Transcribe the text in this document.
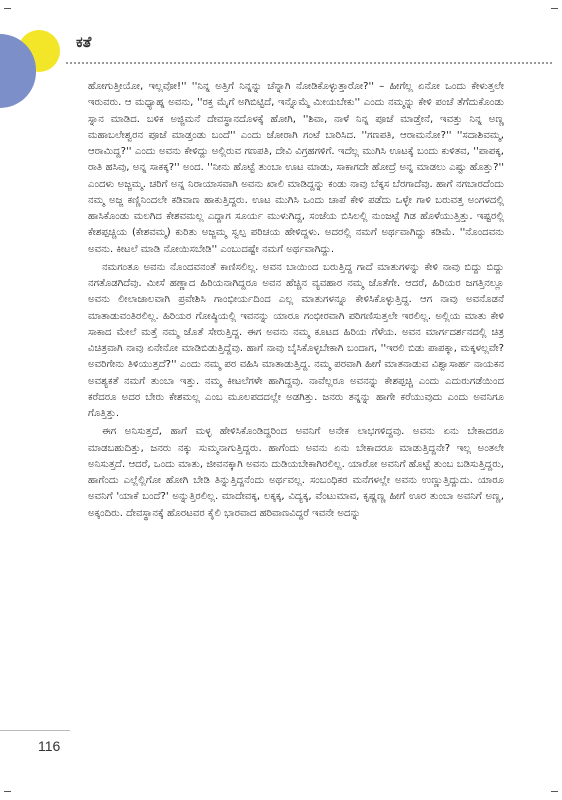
ಕತೆ

ಹೋಗುತ್ತೀಯೋ, ಇಲ್ಲವೋ!'' ''ನಿನ್ನ ಅತ್ತಿಗೆ ನಿನ್ನನ್ನು ಚೆನ್ನಾಗಿ ನೋಡಿಕೊಳ್ಳುತ್ತಾರೋ?'' – ಹೀಗೆಲ್ಲ ಏನೋ ಒಂದು ಕೇಳುತ್ತಲೇ ಇರುವರು. ಆ ಮಧ್ಯಾಹ್ನ ಅವನು, ''ರಕ್ತ ಮೈಗೆ ಅಗಿಬಿಟ್ಟಿದೆ, ಇನ್ನೊಮ್ಮೆ ಮೀಯಬೇಕು'' ಎಂದು ನಮ್ಮನ್ನು ಕೇಳಿ ಪಂಚೆ ತೆಗೆದುಕೊಂಡು ಸ್ನಾನ ಮಾಡಿದ. ಬಳಿಕ ಅಜ್ಜಿಮನೆ ದೇವಸ್ಥಾನದೊಳಕ್ಕೆ ಹೋಗಿ, ''ಶಿವಾ, ನಾಳೆ ನಿನ್ನ ಪೂಜೆ ಮಾಡ್ತೇನೆ, ಇವತ್ತು ನಿನ್ನ ಅಣ್ಣ ಮಹಾಬಲೇಶ್ವರನ ಪೂಜೆ ಮಾಡ್ತಂಡು ಬಂದೆ'' ಎಂದು ಜೋರಾಗಿ ಗಂಟೆ ಬಾರಿಸಿದ. ''ಗಣಪತಿ, ಆರಾಮನೋ?'' ''ಸದಾಶಿವಮ್ಮ, ಆರಾಮಿದ್ದ?'' ಎಂದು ಅವನು ಕೇಳಿದ್ದು ಅಲ್ಲಿರುವ ಗಣಪತಿ, ದೇವಿ ವಿಗ್ರಹಗಳಿಗೆ. ಇದೆಲ್ಲ ಮುಗಿಸಿ ಊಟಕ್ಕೆ ಬಂದು ಕುಳಿತವ, ''ಪಾಪಕ್ಕ, ರಾತಿ ಹಸಿವು, ಅನ್ನ ಸಾಕಕ್ಕ?'' ಅಂದ. ''ನೀನು ಹೊಟ್ಟೆ ತುಂಬಾ ಊಟ ಮಾಡು, ಸಾಕಾಗದೇ ಹೋದ್ರೆ ಅನ್ನ ಮಾಡಲು ಎಷ್ಟು ಹೊತ್ತು?'' ಎಂದಳು ಅಜ್ಜಮ್ಮ. ಚರಿಗೆ ಅನ್ನ ನಿರಾಯಾಸವಾಗಿ ಅವನು ಖಾಲಿ ಮಾಡಿದ್ದನ್ನು ಕಂಡು ನಾವು ಬೆಕ್ಕಸ ಬೆರಗಾದೆವು. ಹಾಗೆ ನಗಬಾರದೆಂದು ನಮ್ಮ ಅಜ್ಜ ಕಣ್ಣಿನಿಂದಲೇ ಕಡಿವಾಣ ಹಾಕುತ್ತಿದ್ದರು. ಊಟ ಮುಗಿಸಿ ಒಂದು ಚಾಪೆ ಕೇಳಿ ಪಡೆದು ಒಳ್ಳೇ ಗಾಳಿ ಬರುವತ್ತ ಅಂಗಳದಲ್ಲಿ ಹಾಸಿಕೊಂಡು ಮಲಗಿದ ಕೇಶವಮಲ್ಲ ಎದ್ದಾಗ ಸೂರ್ಯ ಮುಳುಗಿದ್ದ, ಸಂಜೆಯ ಬಿಸಿಲಲ್ಲಿ ನುಂಜಟ್ಟೆ ಗಿಡ ಹೊಳೆಯುತ್ತಿತ್ತು. ಇಷ್ಟರಲ್ಲಿ ಕೇಶಪ್ಪಚ್ಚಿಯ (ಕೇಶವಮ್ಮ) ಕುರಿತು ಅಜ್ಜಮ್ಮ ಸ್ವಲ್ಪ ಪರಿಚಯ ಹೇಳಿದ್ದಳು. ಅದರಲ್ಲಿ ನಮಗೆ ಅರ್ಥವಾಗಿದ್ದು ಕಡಿಮೆ. ''ನೊಂದವನು ಅವನು. ಕೀಟಲೆ ಮಾಡಿ ನೋಯಿಸಬೇಡಿ'' ಎಂಬುದಷ್ಟೇ ನಮಗೆ ಅರ್ಥವಾಗಿದ್ದು.

ನಮಗಂತೂ ಅವನು ನೊಂದವನಂತೆ ಕಾಣಿಸಲಿಲ್ಲ. ಅವನ ಬಾಯಿಂದ ಬರುತ್ತಿದ್ದ ಗಾದೆ ಮಾತುಗಳನ್ನು ಕೇಳಿ ನಾವು ಬಿದ್ದು ಬಿದ್ದು ನಗತೊಡಗಿದೆವು. ಮೀಸೆ ಹಣ್ಣಾದ ಹಿರಿಯನಾಗಿದ್ದರೂ ಅವನ ಹೆಚ್ಚಿನ ವ್ಯವಹಾರ ನಮ್ಮ ಜೊತೆಗೇ. ಆದರೆ, ಹಿರಿಯರ ಜಗತ್ತಿನಲ್ಲೂ ಅವನು ಲೀಲಾಜಾಲವಾಗಿ ಪ್ರವೇಶಿಸಿ ಗಾಂಭೀರ್ಯದಿಂದ ಎಲ್ಲ ಮಾತುಗಳನ್ನೂ ಕೇಳಿಸಿಕೊಳ್ಳುತ್ತಿದ್ದ. ಆಗ ನಾವು ಅವನೊಡನೆ ಮಾತಾಡುವಂತಿರಲಿಲ್ಲ. ಹಿರಿಯರ ಗೋಷ್ಠಿಯಲ್ಲಿ ಇವನನ್ನು ಯಾರೂ ಗಂಭೀರವಾಗಿ ಪರಿಗಣಿಸುತ್ತಲೇ ಇರಲಿಲ್ಲ. ಅಲ್ಲಿಯ ಮಾತು ಕೇಳಿ ಸಾಕಾದ ಮೇಲೆ ಮತ್ತೆ ನಮ್ಮ ಜೊತೆ ಸೇರುತ್ತಿದ್ದ. ಈಗ ಅವನು ನಮ್ಮ ಕೂಟದ ಹಿರಿಯ ಗೆಳೆಯ. ಅವನ ಮಾರ್ಗದರ್ಶನದಲ್ಲಿ ಚಿತ್ರ ವಿಚಿತ್ರವಾಗಿ ನಾವು ಏನೇನೋ ಮಾಡಿಬಿಡುತ್ತಿದ್ದೆವು. ಹಾಗೆ ನಾವು ಬೈಸಿಕೊಳ್ಳಬೇಕಾಗಿ ಬಂದಾಗ, ''ಇರಲಿ ಬಿಡು ಪಾಪಕ್ಕಾ, ಮಕ್ಕಳಲ್ಲವೇ? ಅವರಿಗೇನು ತಿಳಿಯುತ್ತದೆ?'' ಎಂದು ನಮ್ಮ ಪರ ವಹಿಸಿ ಮಾತಾಡುತ್ತಿದ್ದ. ನಮ್ಮ ಪರವಾಗಿ ಹೀಗೆ ಮಾತನಾಡುವ ವಿಶ್ವಾಸಾರ್ಹ ನಾಯಕನ ಅವಶ್ಯಕತೆ ನಮಗೆ ತುಂಬಾ ಇತ್ತು. ನಮ್ಮ ಕೀಟಲೆಗಳೇ ಹಾಗಿದ್ದವು. ನಾವೆಲ್ಲರೂ ಅವನನ್ನು ಕೇಶಪ್ಪಚ್ಚಿ ಎಂದು ಎದುರುಗಡೆಯಿಂದ ಕರೆದರೂ ಅದರ ಬೇರು ಕೇಶಮಲ್ಲ ಎಂಬ ಮೂಲಪದದಲ್ಲೇ ಅಡಗಿತ್ತು. ಜನರು ತನ್ನನ್ನು ಹಾಗೇ ಕರೆಯುವುದು ಎಂದು ಅವನಿಗೂ ಗೊತ್ತಿತ್ತು.

ಈಗ ಅನಿಸುತ್ತದೆ, ಹಾಗೆ ಮಳ್ಳ ಹೇಳಿಸಿಕೊಂಡಿದ್ದರಿಂದ ಅವನಿಗೆ ಅನೇಕ ಲಾಭಗಳಿದ್ದವು. ಅವನು ಏನು ಬೇಕಾದರೂ ಮಾಡಬಹುದಿತ್ತು, ಜನರು ನಕ್ಕು ಸುಮ್ಮನಾಗುತ್ತಿದ್ದರು. ಹಾಗೆಂದು ಅವನು ಏನು ಬೇಕಾದರೂ ಮಾಡುತ್ತಿದ್ದನೇ? ಇಲ್ಲ ಅಂತಲೇ ಅನಿಸುತ್ತದೆ. ಆದರೆ, ಒಂದು ಮಾತು, ಜೀವನಕ್ಕಾಗಿ ಅವನು ದುಡಿಯಬೇಕಾಗಿರಲಿಲ್ಲ. ಯಾರೋ ಅವನಿಗೆ ಹೊಟ್ಟೆ ತುಂಬ ಬಡಿಸುತ್ತಿದ್ದರು, ಹಾಗೆಂದು ಎಲ್ಲೆಲ್ಲಿಗೋ ಹೋಗಿ ಬೇಡಿ ತಿನ್ನುತ್ತಿದ್ದನೆಂದು ಅರ್ಥವಲ್ಲ. ಸಂಬಂಧಿಕರ ಮನೆಗಳಲ್ಲೇ ಅವನು ಉಣ್ಣುತ್ತಿದ್ದುದು. ಯಾರೂ ಅವನಿಗೆ 'ಯಾಕೆ ಬಂದೆ?' ಅನ್ನುತ್ತಿರಲಿಲ್ಲ. ಮಾದೇವಕ್ಕ, ಲಕ್ಕಕ್ಕ, ವಿದ್ಯಕ್ಕ, ವೆಂಟುಮಾವ, ಕೃಷ್ಣಣ್ಣ ಹೀಗೆ ಊರ ತುಂಬಾ ಅವನಿಗೆ ಅಣ್ಣ, ಅಕ್ಕಂದಿರು. ದೇವಸ್ಥಾನಕ್ಕೆ ಹೊರಟವರ ಕೈಲಿ ಭಾರವಾದ ಹರಿವಾಣವಿದ್ದರೆ ಇವನೇ ಅದನ್ನು

116
